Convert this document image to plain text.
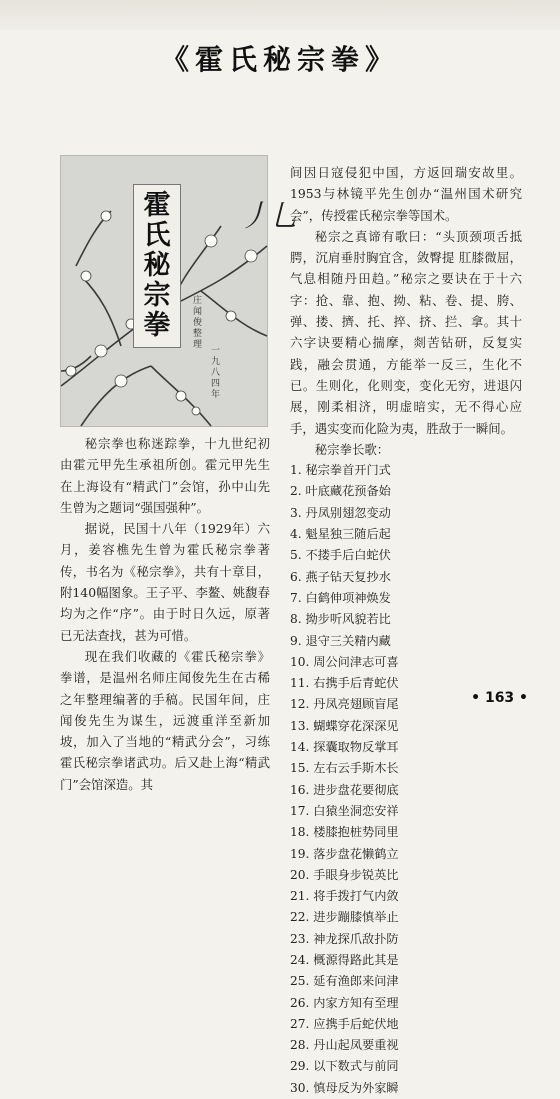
《霍氏秘宗拳》
丿乚
霍氏秘宗拳
庄闻俊 整理
一九八四年

秘宗拳也称迷踪拳，十九世纪初由霍元甲先生承祖所创。霍元甲先生在上海设有“精武门”会馆，孙中山先生曾为之题词“强国强种”。

据说，民国十八年（1929年）六月，姜容樵先生曾为霍氏秘宗拳著传，书名为《秘宗拳》，共有十章目，附140幅图象。王子平、李鳌、姚馥春均为之作“序”。由于时日久远，原著已无法查找，甚为可惜。

现在我们收藏的《霍氏秘宗拳》拳谱，是温州名师庄闻俊先生在古稀之年整理编著的手稿。民国年间，庄闻俊先生为谋生，远渡重洋至新加坡，加入了当地的“精武分会”，习练霍氏秘宗拳诸武功。后又赴上海“精武门”会馆深造。其

间因日寇侵犯中国，方返回瑞安故里。1953与林镜平先生创办“温州国术研究会”，传授霍氏秘宗拳等国术。

秘宗之真谛有歌曰：“头顶颈项舌抵腭，沉肩垂肘胸宜含，敛臀提 肛膝微屈，气息相随丹田趋。”秘宗之要诀在于十六字：抢、靠、抱、拗、粘、卷、提、胯、弹、搂、擠、托、捽、挤、拦、拿。其十六字诀要精心揣摩，剡苦钻研，反复实践，融会贯通，方能举一反三，生化不已。生则化，化则变，变化无穷，进退闪展，刚柔相济，明虚暗实，无不得心应手，遇实变而化险为夷，胜敌于一瞬间。

秘宗拳长歌：

1. 秘宗拳首开门式 2. 叶底藏花预备始 3. 丹凤别翅忽变动 4. 魁星独三随后起 5. 不搂手后白蛇伏 6. 燕子钻天复抄水 7. 白鹤伸项神焕发 8. 拗步听风貌若比 9. 退守三关精内藏 10. 周公问津志可喜 11. 右携手后青蛇伏 12. 丹凤亮翅顾盲尾 13. 蝴蝶穿花深深见 14. 探囊取物反掌耳 15. 左右云手斯木长 16. 进步盘花要彻底 17. 白猿坐洞恋安祥 18. 楼膝抱桩势同里 19. 落步盘花懒鹤立 20. 手眼身步锐英比 21. 将手拨打气内敛 22. 进步蹦膝慎举止 23. 神龙探爪敌扑防 24. 概源得路此其是 25. 延有渔郎来问津 26. 内家方知有至理 27. 应携手后蛇伏地 28. 丹山起凤要重视 29. 以下数式与前同 30. 慎母反为外家瞬
• 163 •
